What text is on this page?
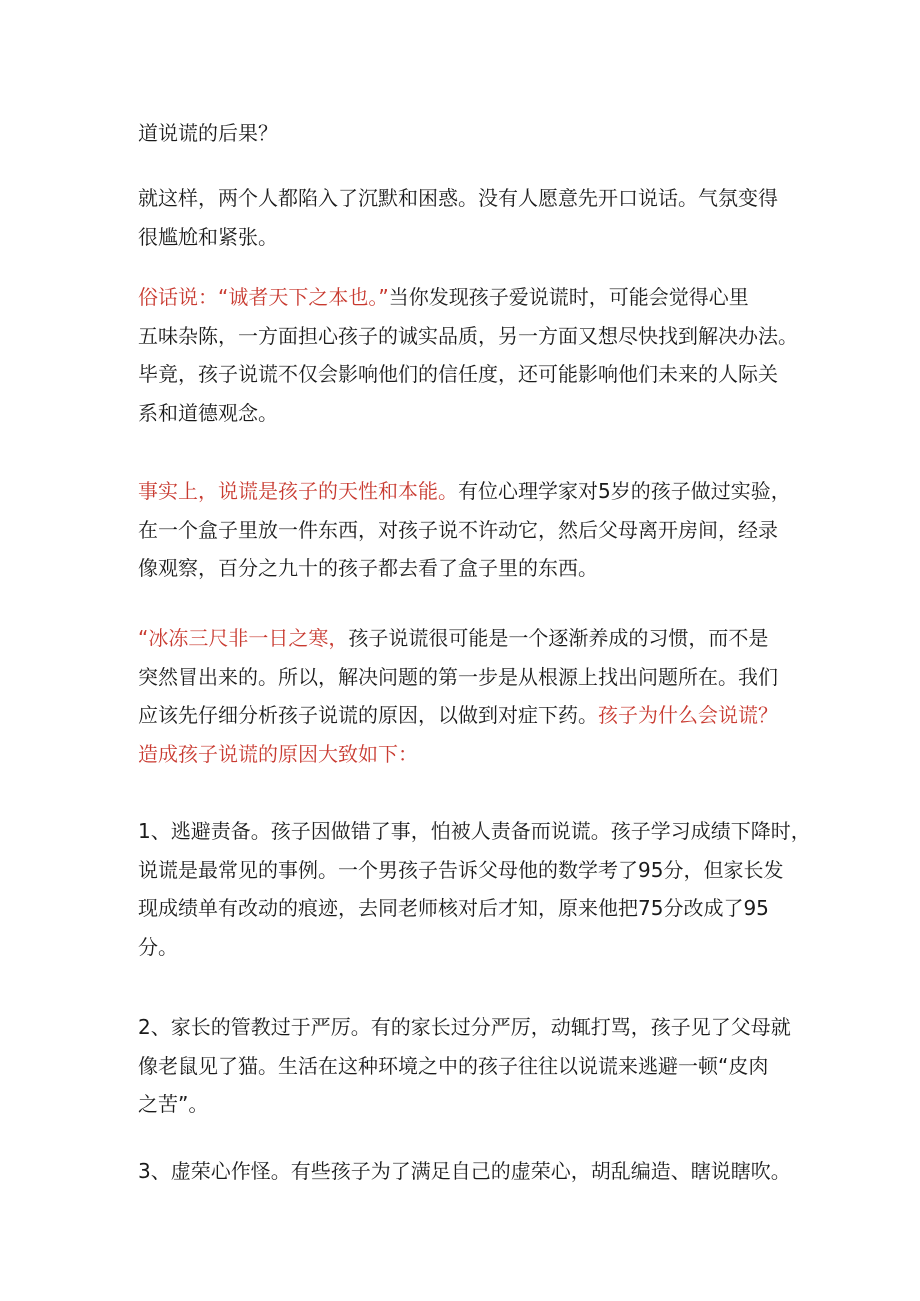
道说谎的后果？
就这样，两个人都陷入了沉默和困惑。没有人愿意先开口说话。气氛变得
很尴尬和紧张。
俗话说：“诚者天下之本也。”当你发现孩子爱说谎时，可能会觉得心里
五味杂陈，一方面担心孩子的诚实品质，另一方面又想尽快找到解决办法。
毕竟，孩子说谎不仅会影响他们的信任度，还可能影响他们未来的人际关
系和道德观念。
事实上，说谎是孩子的天性和本能。有位心理学家对5岁的孩子做过实验，
在一个盒子里放一件东西，对孩子说不许动它，然后父母离开房间，经录
像观察，百分之九十的孩子都去看了盒子里的东西。
“冰冻三尺非一日之寒，孩子说谎很可能是一个逐渐养成的习惯，而不是
突然冒出来的。所以，解决问题的第一步是从根源上找出问题所在。我们
应该先仔细分析孩子说谎的原因，以做到对症下药。孩子为什么会说谎？
造成孩子说谎的原因大致如下：
1、逃避责备。孩子因做错了事，怕被人责备而说谎。孩子学习成绩下降时，
说谎是最常见的事例。一个男孩子告诉父母他的数学考了95分，但家长发
现成绩单有改动的痕迹，去同老师核对后才知，原来他把75分改成了95
分。
2、家长的管教过于严厉。有的家长过分严厉，动辄打骂，孩子见了父母就
像老鼠见了猫。生活在这种环境之中的孩子往往以说谎来逃避一顿“皮肉
之苦”。
3、虚荣心作怪。有些孩子为了满足自己的虚荣心，胡乱编造、瞎说瞎吹。
